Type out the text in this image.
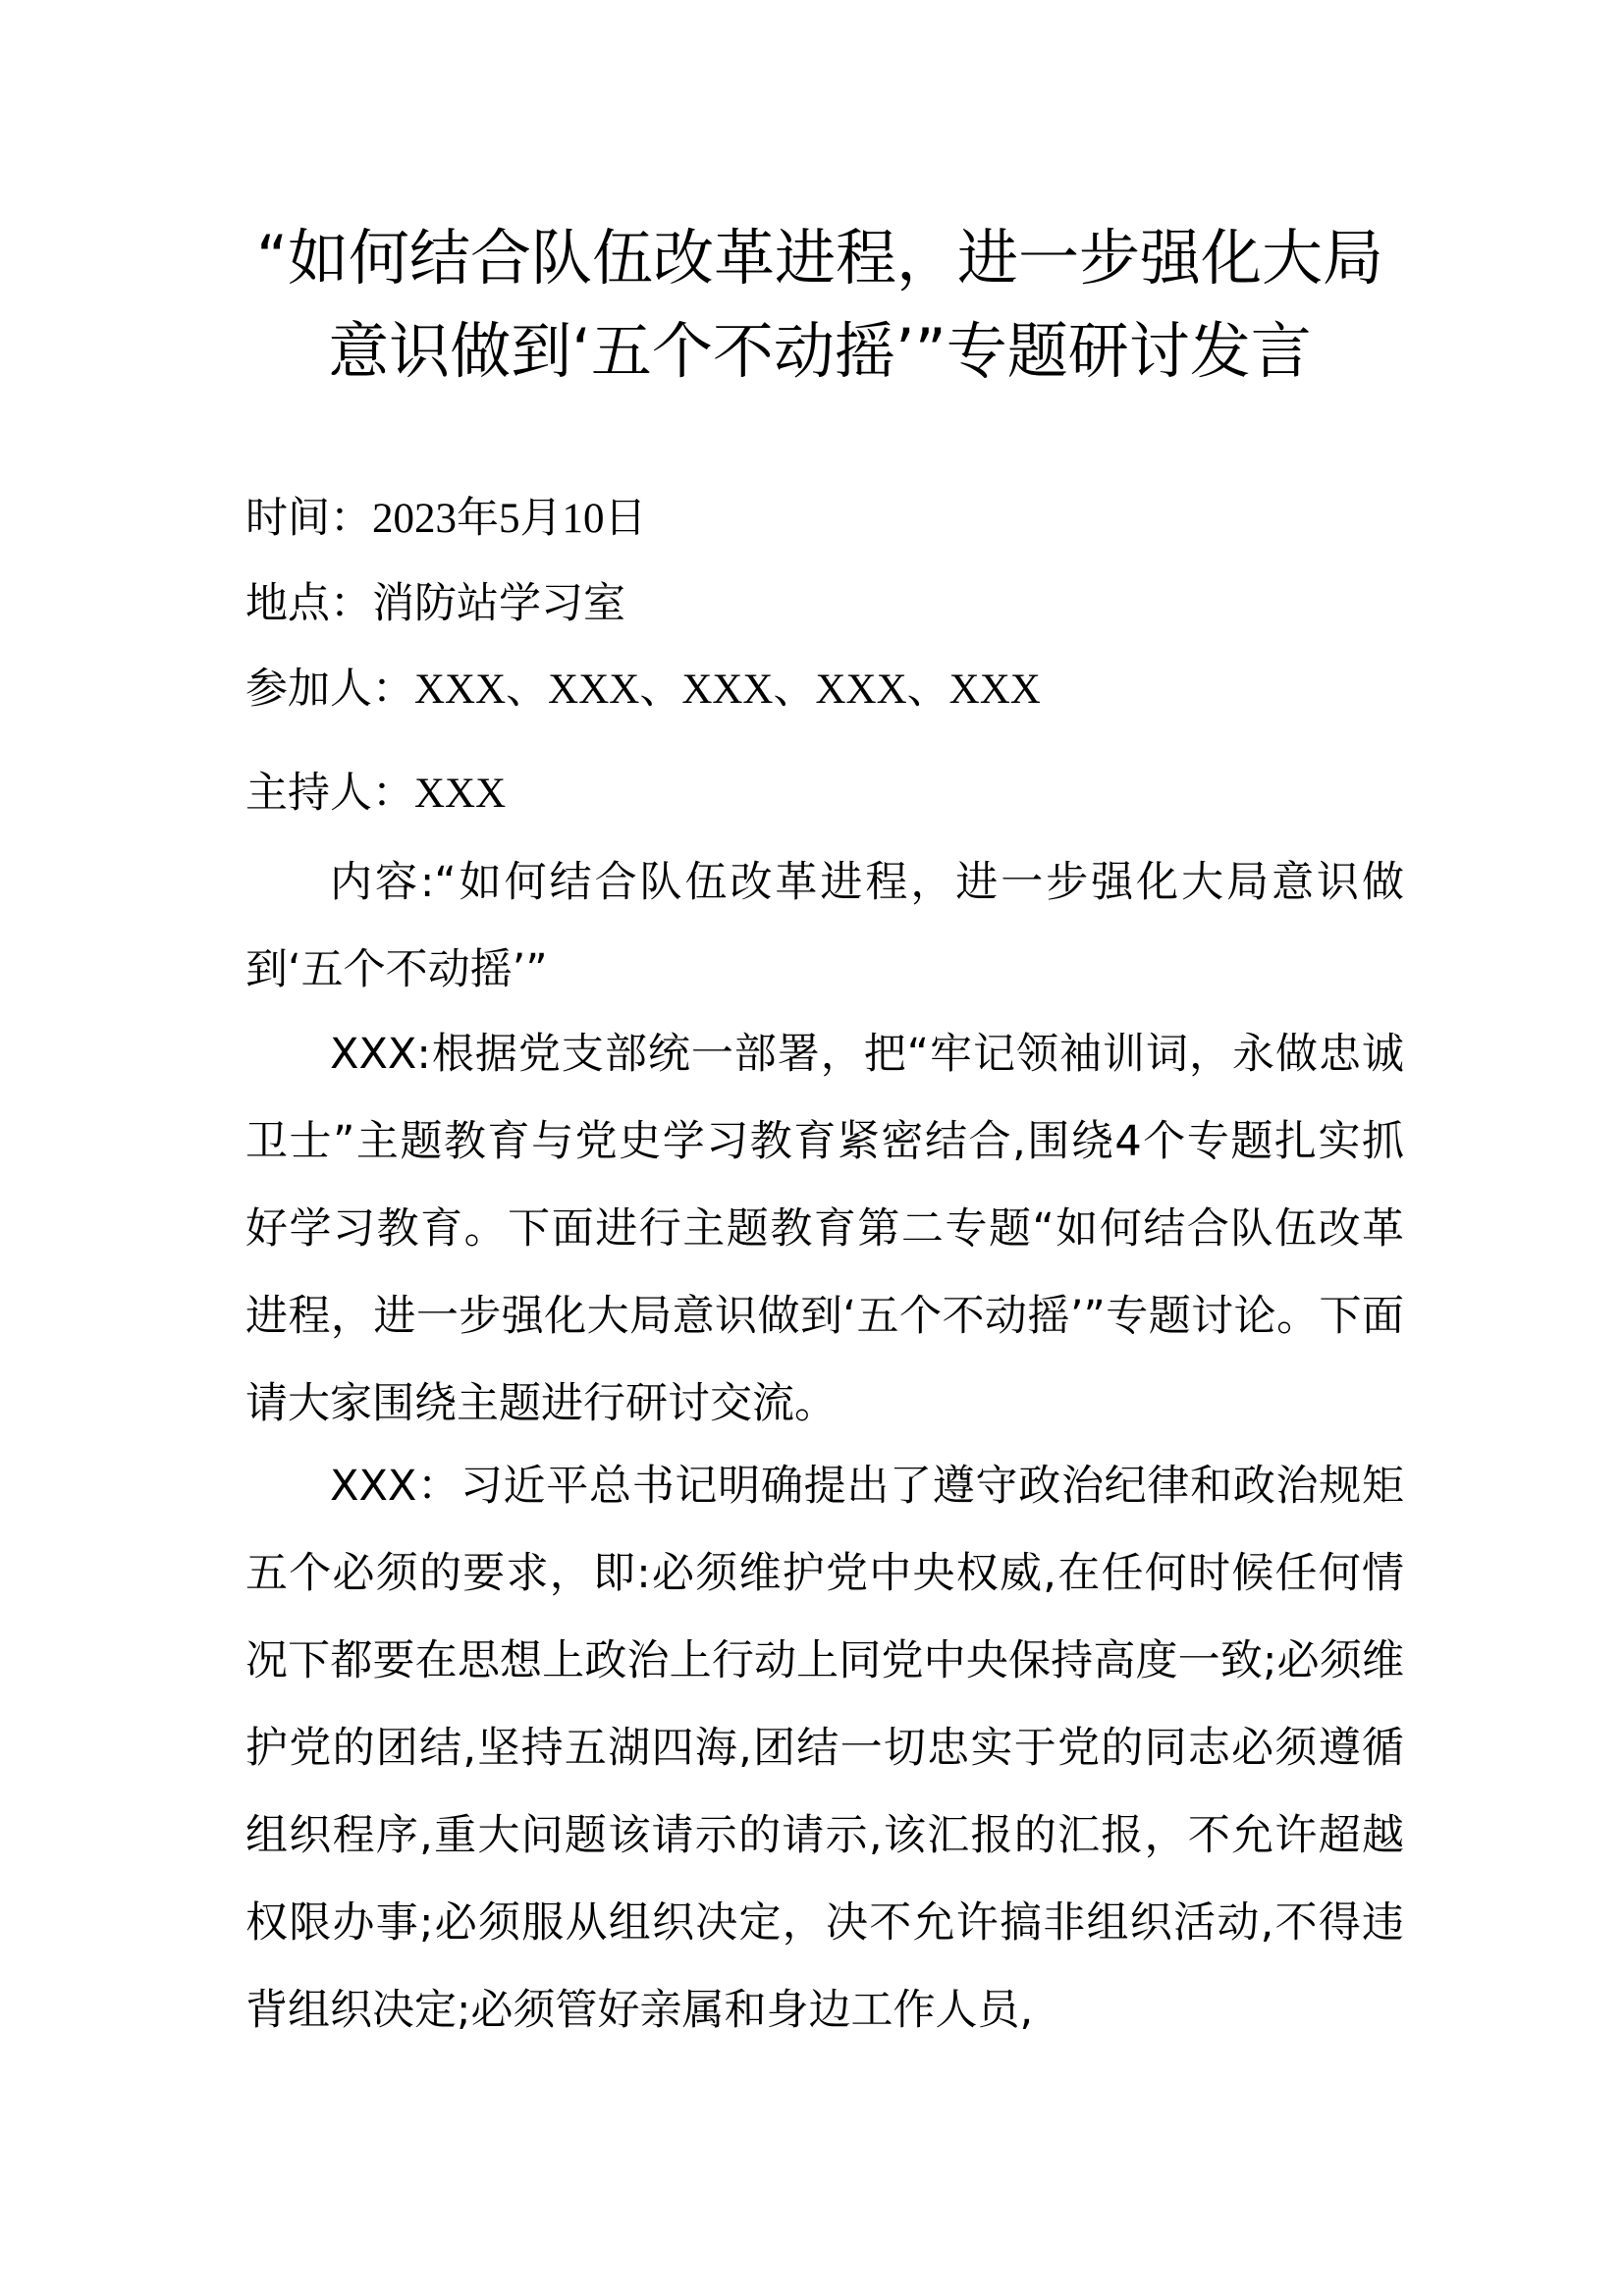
“如何结合队伍改革进程，进一步强化大局
意识做到‘五个不动摇’”专题研讨发言
时间：2023年5月10日
地点：消防站学习室
参加人：XXX、XXX、XXX、XXX、XXX
主持人：XXX

内容:“如何结合队伍改革进程，进一步强化大局意识做到‘五个不动摇’”

XXX:根据党支部统一部署，把“牢记领袖训词，永做忠诚卫士”主题教育与党史学习教育紧密结合,围绕4个专题扎实抓好学习教育。下面进行主题教育第二专题“如何结合队伍改革进程，进一步强化大局意识做到‘五个不动摇’”专题讨论。下面请大家围绕主题进行研讨交流。

XXX：习近平总书记明确提出了遵守政治纪律和政治规矩五个必须的要求，即:必须维护党中央权威,在任何时候任何情况下都要在思想上政治上行动上同党中央保持高度一致;必须维护党的团结,坚持五湖四海,团结一切忠实于党的同志必须遵循组织程序,重大问题该请示的请示,该汇报的汇报，不允许超越权限办事;必须服从组织决定，决不允许搞非组织活动,不得违背组织决定;必须管好亲属和身边工作人员,
